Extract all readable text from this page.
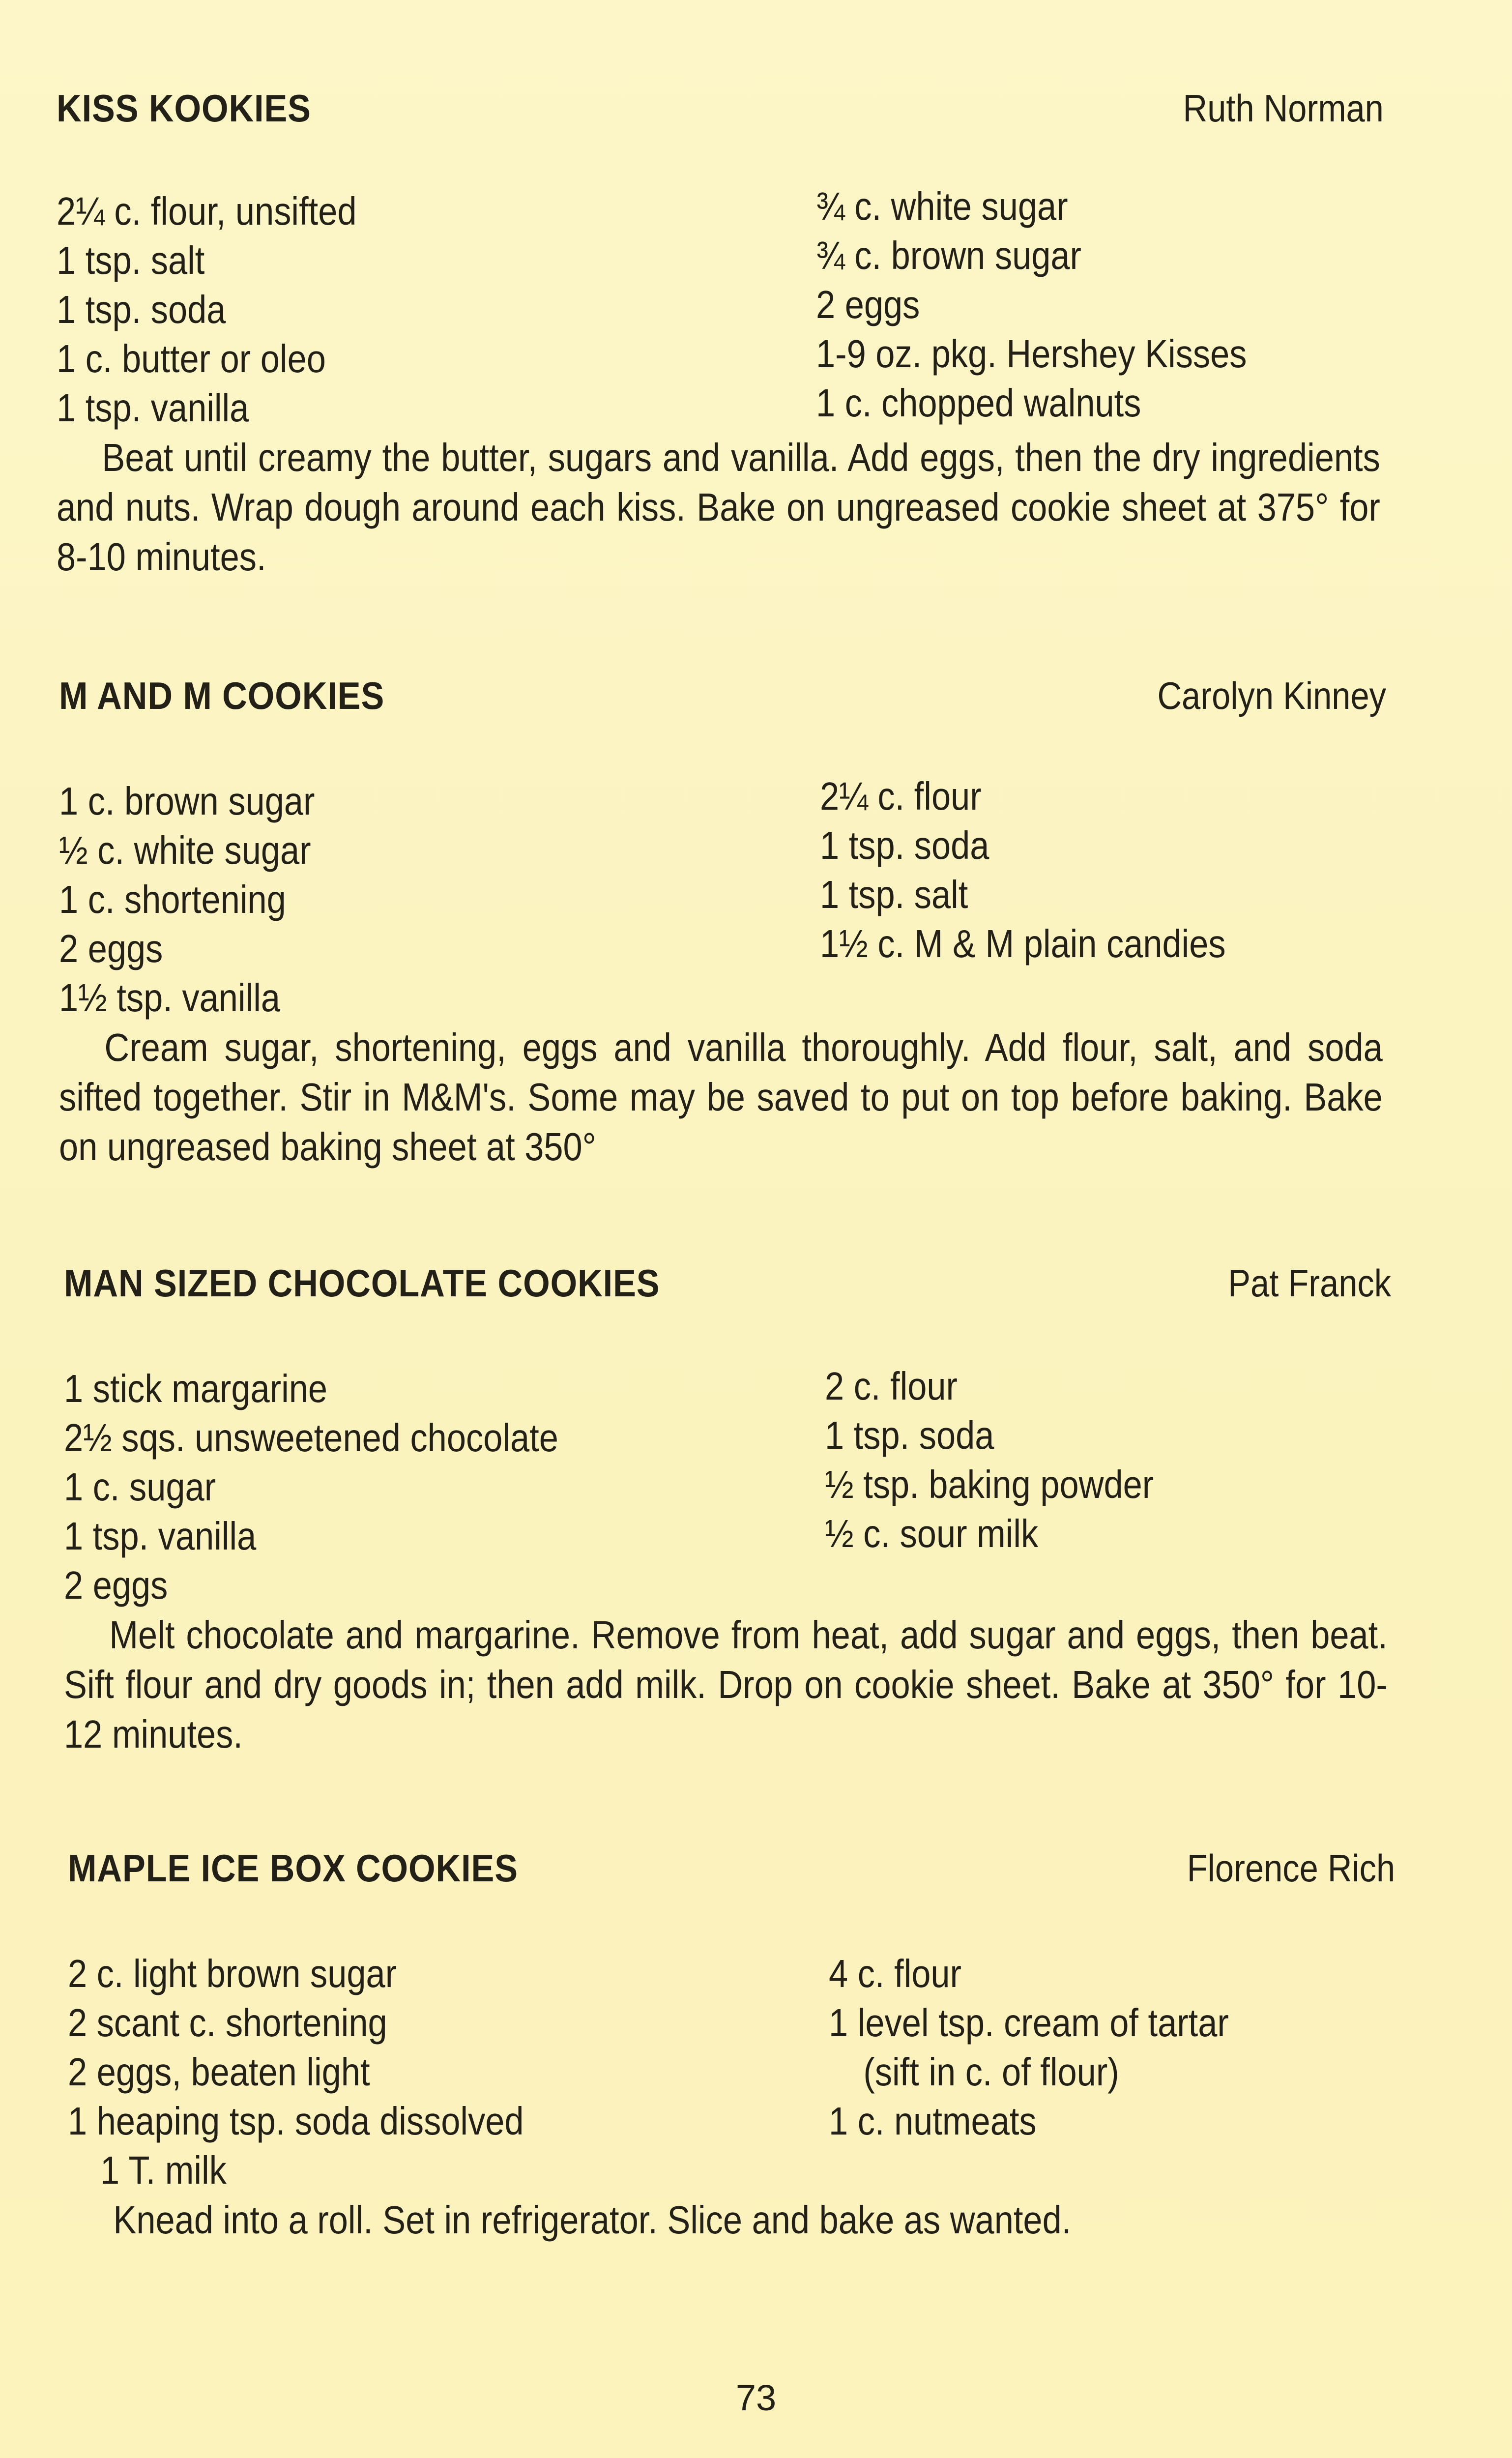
KISS KOOKIES	Ruth Norman
2¼ c. flour, unsifted
1 tsp. salt
1 tsp. soda
1 c. butter or oleo
1 tsp. vanilla
¾ c. white sugar
¾ c. brown sugar
2 eggs
1-9 oz. pkg. Hershey Kisses
1 c. chopped walnuts

Beat until creamy the butter, sugars and vanilla. Add eggs, then the dry ingredients and nuts. Wrap dough around each kiss. Bake on ungreased cookie sheet at 375° for 8-10 minutes.

M AND M COOKIES	Carolyn Kinney
1 c. brown sugar
½ c. white sugar
1 c. shortening
2 eggs
1½ tsp. vanilla
2¼ c. flour
1 tsp. soda
1 tsp. salt
1½ c. M & M plain candies

Cream sugar, shortening, eggs and vanilla thoroughly. Add flour, salt, and soda sifted together. Stir in M&M's. Some may be saved to put on top before baking. Bake on ungreased baking sheet at 350°

MAN SIZED CHOCOLATE COOKIES	Pat Franck
1 stick margarine
2½ sqs. unsweetened chocolate
1 c. sugar
1 tsp. vanilla
2 eggs
2 c. flour
1 tsp. soda
½ tsp. baking powder
½ c. sour milk

Melt chocolate and margarine. Remove from heat, add sugar and eggs, then beat. Sift flour and dry goods in; then add milk. Drop on cookie sheet. Bake at 350° for 10-12 minutes.

MAPLE ICE BOX COOKIES	Florence Rich
2 c. light brown sugar
2 scant c. shortening
2 eggs, beaten light
1 heaping tsp. soda dissolved
1 T. milk
4 c. flour
1 level tsp. cream of tartar
(sift in c. of flour)
1 c. nutmeats

Knead into a roll. Set in refrigerator. Slice and bake as wanted.

73
